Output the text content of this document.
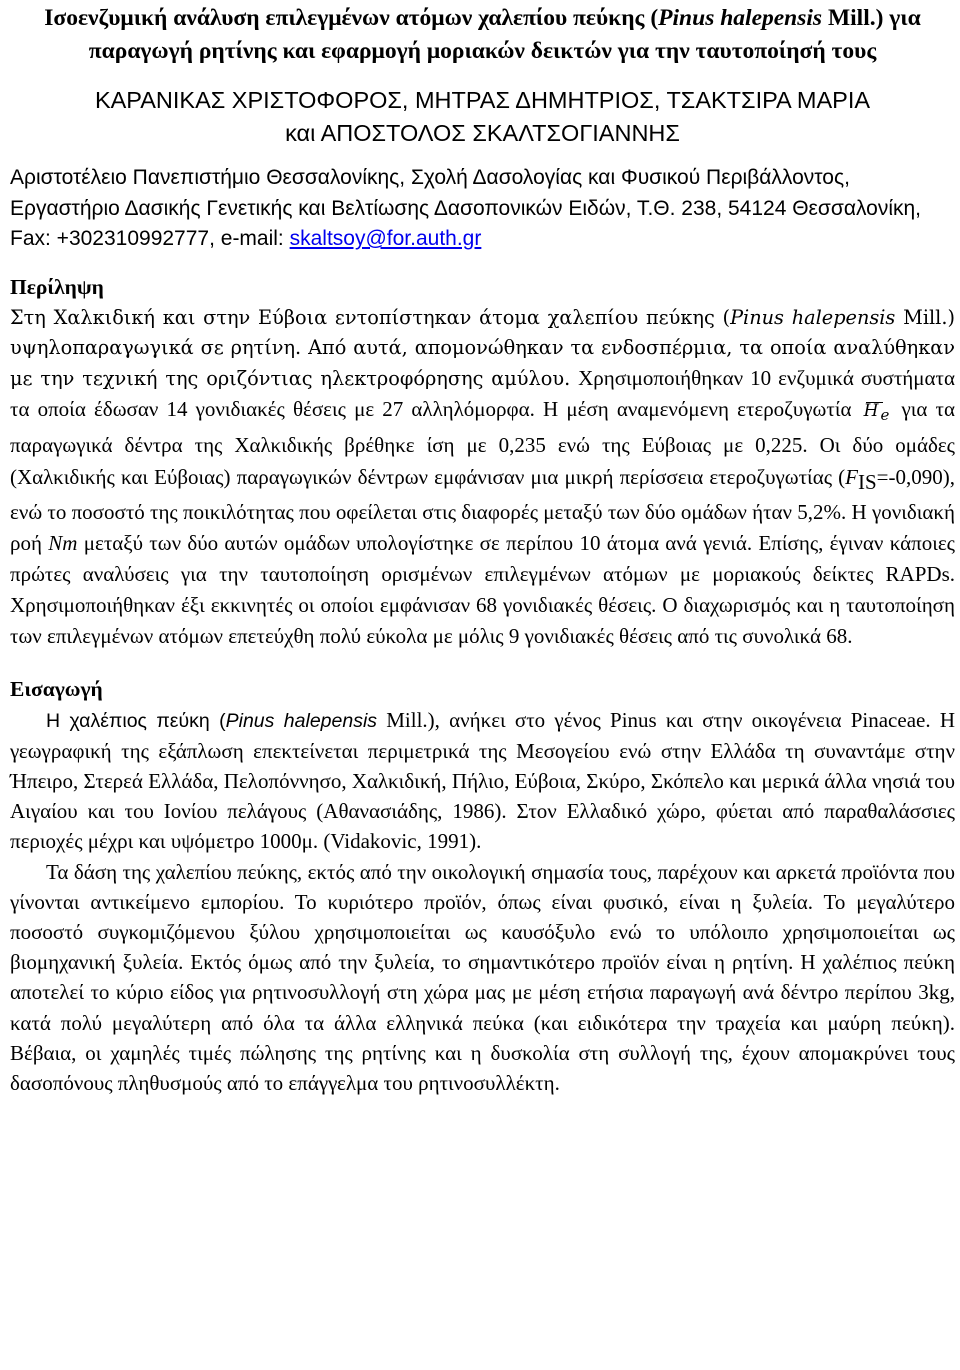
Ισοενζυμική ανάλυση επιλεγμένων ατόμων χαλεπίου πεύκης (Pinus halepensis Mill.) για παραγωγή ρητίνης και εφαρμογή μοριακών δεικτών για την ταυτοποίησή τους
ΚΑΡΑΝΙΚΑΣ ΧΡΙΣΤΟΦΟΡΟΣ, ΜΗΤΡΑΣ ΔΗΜΗΤΡΙΟΣ, ΤΣΑΚΤΣΙΡΑ ΜΑΡΙΑ
και ΑΠΟΣΤΟΛΟΣ ΣΚΑΛΤΣΟΓΙΑΝΝΗΣ

Αριστοτέλειο Πανεπιστήμιο Θεσσαλονίκης, Σχολή Δασολογίας και Φυσικού Περιβάλλοντος, Εργαστήριο Δασικής Γενετικής και Βελτίωσης Δασοπονικών Ειδών, Τ.Θ. 238, 54124 Θεσσαλονίκη, Fax: +302310992777, e-mail: skaltsoy@for.auth.gr

Περίληψη

Στη Χαλκιδική και στην Εύβοια εντοπίστηκαν άτομα χαλεπίου πεύκης (Pinus halepensis Mill.) υψηλοπαραγωγικά σε ρητίνη. Από αυτά, απομονώθηκαν τα ενδοσπέρμια, τα οποία αναλύθηκαν με την τεχνική της οριζόντιας ηλεκτροφόρησης αμύλου. Χρησιμοποιήθηκαν 10 ενζυμικά συστήματα τα οποία έδωσαν 14 γονιδιακές θέσεις με 27 αλληλόμορφα. Η μέση αναμενόμενη ετεροζυγωτία
H e για τα παραγωγικά δέντρα της Χαλκιδικής βρέθηκε ίση με 0,235 ενώ της Εύβοιας με 0,225. Οι δύο ομάδες (Χαλκιδικής και Εύβοιας) παραγωγικών δέντρων εμφάνισαν μια μικρή περίσσεια ετεροζυγωτίας $(F_{IS}=-0,090)$, ενώ το ποσοστό της ποικιλότητας που οφείλεται στις διαφορές μεταξύ των δύο ομάδων ήταν 5,2%. Η γονιδιακή ροή Nm μεταξύ των δύο αυτών ομάδων υπολογίστηκε σε περίπου 10 άτομα ανά γενιά. Επίσης, έγιναν κάποιες πρώτες αναλύσεις για την ταυτοποίηση ορισμένων επιλεγμένων ατόμων με μοριακούς δείκτες RAPDs. Χρησιμοποιήθηκαν έξι εκκινητές οι οποίοι εμφάνισαν 68 γονιδιακές θέσεις. Ο διαχωρισμός και η ταυτοποίηση των επιλεγμένων ατόμων επετεύχθη πολύ εύκολα με μόλις 9 γονιδιακές θέσεις από τις συνολικά 68.

Εισαγωγή

Η χαλέπιος πεύκη (Pinus halepensis Mill.), ανήκει στο γένος Pinus και στην οικογένεια Pinaceae. Η γεωγραφική της εξάπλωση επεκτείνεται περιμετρικά της Μεσογείου ενώ στην Ελλάδα τη συναντάμε στην Ήπειρο, Στερεά Ελλάδα, Πελοπόννησο, Χαλκιδική, Πήλιο, Εύβοια, Σκύρο, Σκόπελο και μερικά άλλα νησιά του Αιγαίου και του Ιονίου πελάγους (Αθανασιάδης, 1986). Στον Ελλαδικό χώρο, φύεται από παραθαλάσσιες περιοχές μέχρι και υψόμετρο 1000μ. (Vidakovic, 1991).

Τα δάση της χαλεπίου πεύκης, εκτός από την οικολογική σημασία τους, παρέχουν και αρκετά προϊόντα που γίνονται αντικείμενο εμπορίου. Το κυριότερο προϊόν, όπως είναι φυσικό, είναι η ξυλεία. Το μεγαλύτερο ποσοστό συγκομιζόμενου ξύλου χρησιμοποιείται ως καυσόξυλο ενώ το υπόλοιπο χρησιμοποιείται ως βιομηχανική ξυλεία. Εκτός όμως από την ξυλεία, το σημαντικότερο προϊόν είναι η ρητίνη. Η χαλέπιος πεύκη αποτελεί το κύριο είδος για ρητινοσυλλογή στη χώρα μας με μέση ετήσια παραγωγή ανά δέντρο περίπου 3kg, κατά πολύ μεγαλύτερη από όλα τα άλλα ελληνικά πεύκα (και ειδικότερα την τραχεία και μαύρη πεύκη). Βέβαια, οι χαμηλές τιμές πώλησης της ρητίνης και η δυσκολία στη συλλογή της, έχουν απομακρύνει τους δασοπόνους πληθυσμούς από το επάγγελμα του ρητινοσυλλέκτη.
